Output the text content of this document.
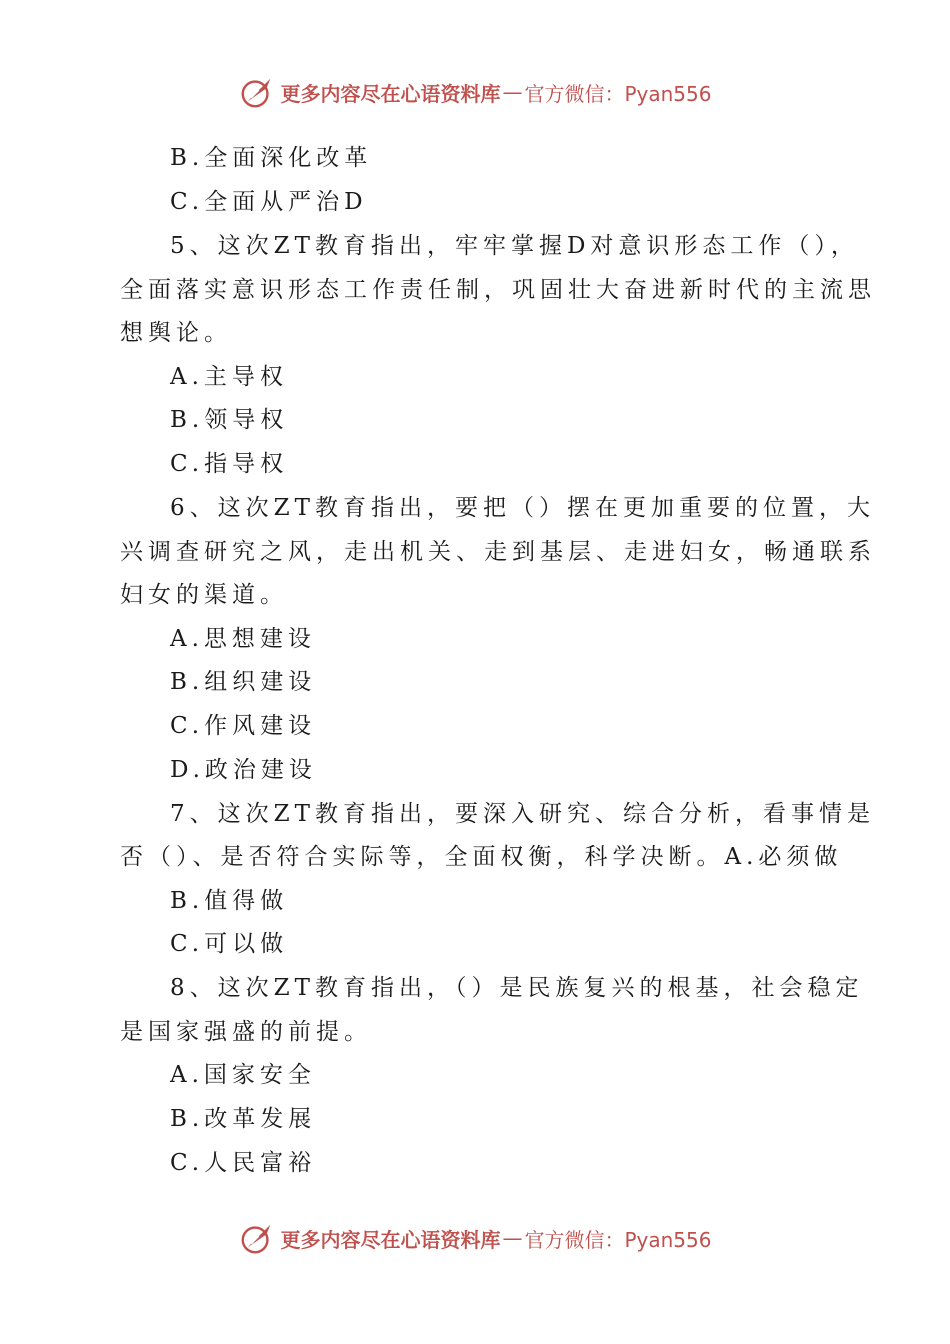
更多内容尽在心语资料库 — 官方微信：Pyan556
B.全面深化改革
C.全面从严治D
5、这次ZT教育指出，牢牢掌握D对意识形态工作（），
全面落实意识形态工作责任制，巩固壮大奋进新时代的主流思
想舆论。
A.主导权
B.领导权
C.指导权
6、这次ZT教育指出，要把（）摆在更加重要的位置，大
兴调查研究之风，走出机关、走到基层、走进妇女，畅通联系
妇女的渠道。
A.思想建设
B.组织建设
C.作风建设
D.政治建设
7、这次ZT教育指出，要深入研究、综合分析，看事情是
否（）、是否符合实际等，全面权衡，科学决断。A.必须做
B.值得做
C.可以做
8、这次ZT教育指出，（）是民族复兴的根基，社会稳定
是国家强盛的前提。
A.国家安全
B.改革发展
C.人民富裕
更多内容尽在心语资料库 — 官方微信：Pyan556
